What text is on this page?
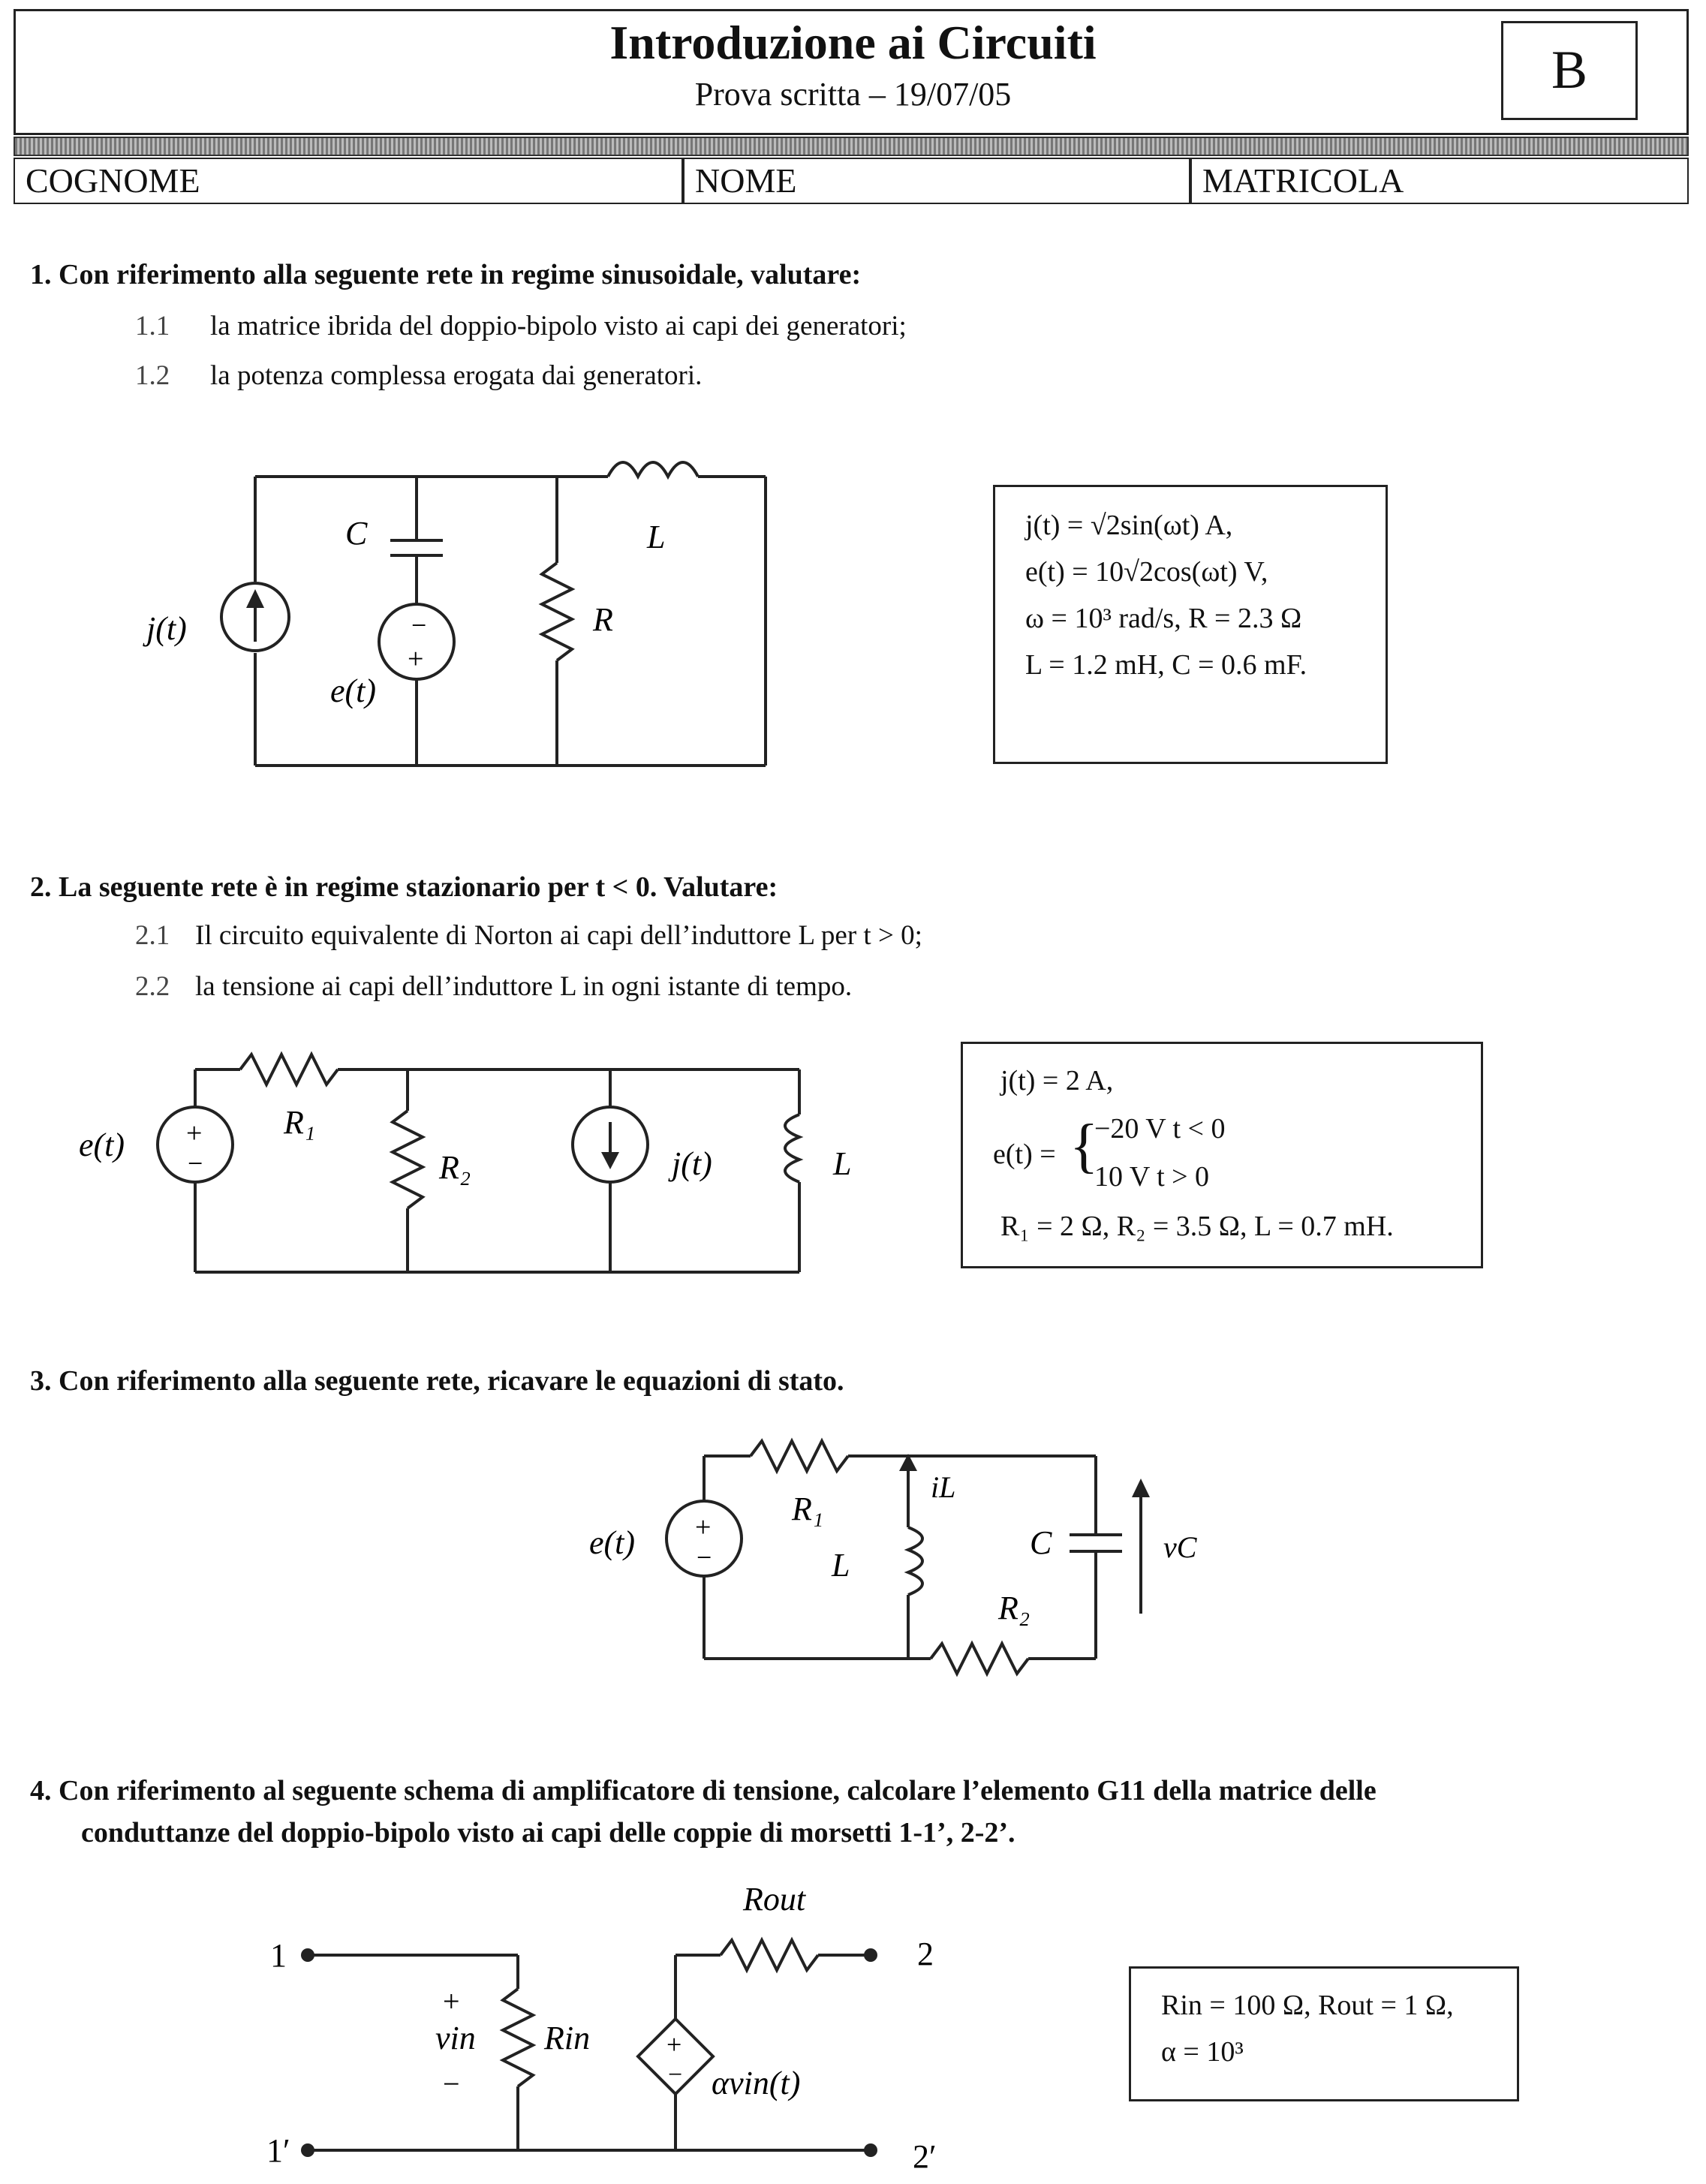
Introduzione ai Circuiti
Prova scritta – 19/07/05	B
COGNOME	NOME	MATRICOLA
1. Con riferimento alla seguente rete in regime sinusoidale, valutare:
1.1 la matrice ibrida del doppio-bipolo visto ai capi dei generatori;
1.2 la potenza complessa erogata dai generatori.
−
+
j(t)
C
e(t)
L
R
j(t) = √2sin(ωt) A,
e(t) = 10√2cos(ωt) V,
ω = 10³ rad/s, R = 2.3 Ω
L = 1.2 mH, C = 0.6 mF.
2. La seguente rete è in regime stazionario per t < 0. Valutare:
2.1 Il circuito equivalente di Norton ai capi dell’induttore L per t > 0;
2.2 la tensione ai capi dell’induttore L in ogni istante di tempo.
+
−
e(t)
R₁
R₂	j(t)	L
j(t) = 2 A,
e(t) = {
−20 V t < 0
10 V t > 0
R₁ = 2 Ω, R₂ = 3.5 Ω, L = 0.7 mH.
3. Con riferimento alla seguente rete, ricavare le equazioni di stato.
+
−
e(t)
R₁
iL
L
C	vC
R₂
4. Con riferimento al seguente schema di amplificatore di tensione, calcolare l’elemento G11 della matrice delle
conduttanze del doppio-bipolo visto ai capi delle coppie di morsetti 1-1’, 2-2’.
+
−
1
1′
2
2′
Rout
Rin
+
vin
−	αvin(t)
Rin = 100 Ω, Rout = 1 Ω,
α = 10³
